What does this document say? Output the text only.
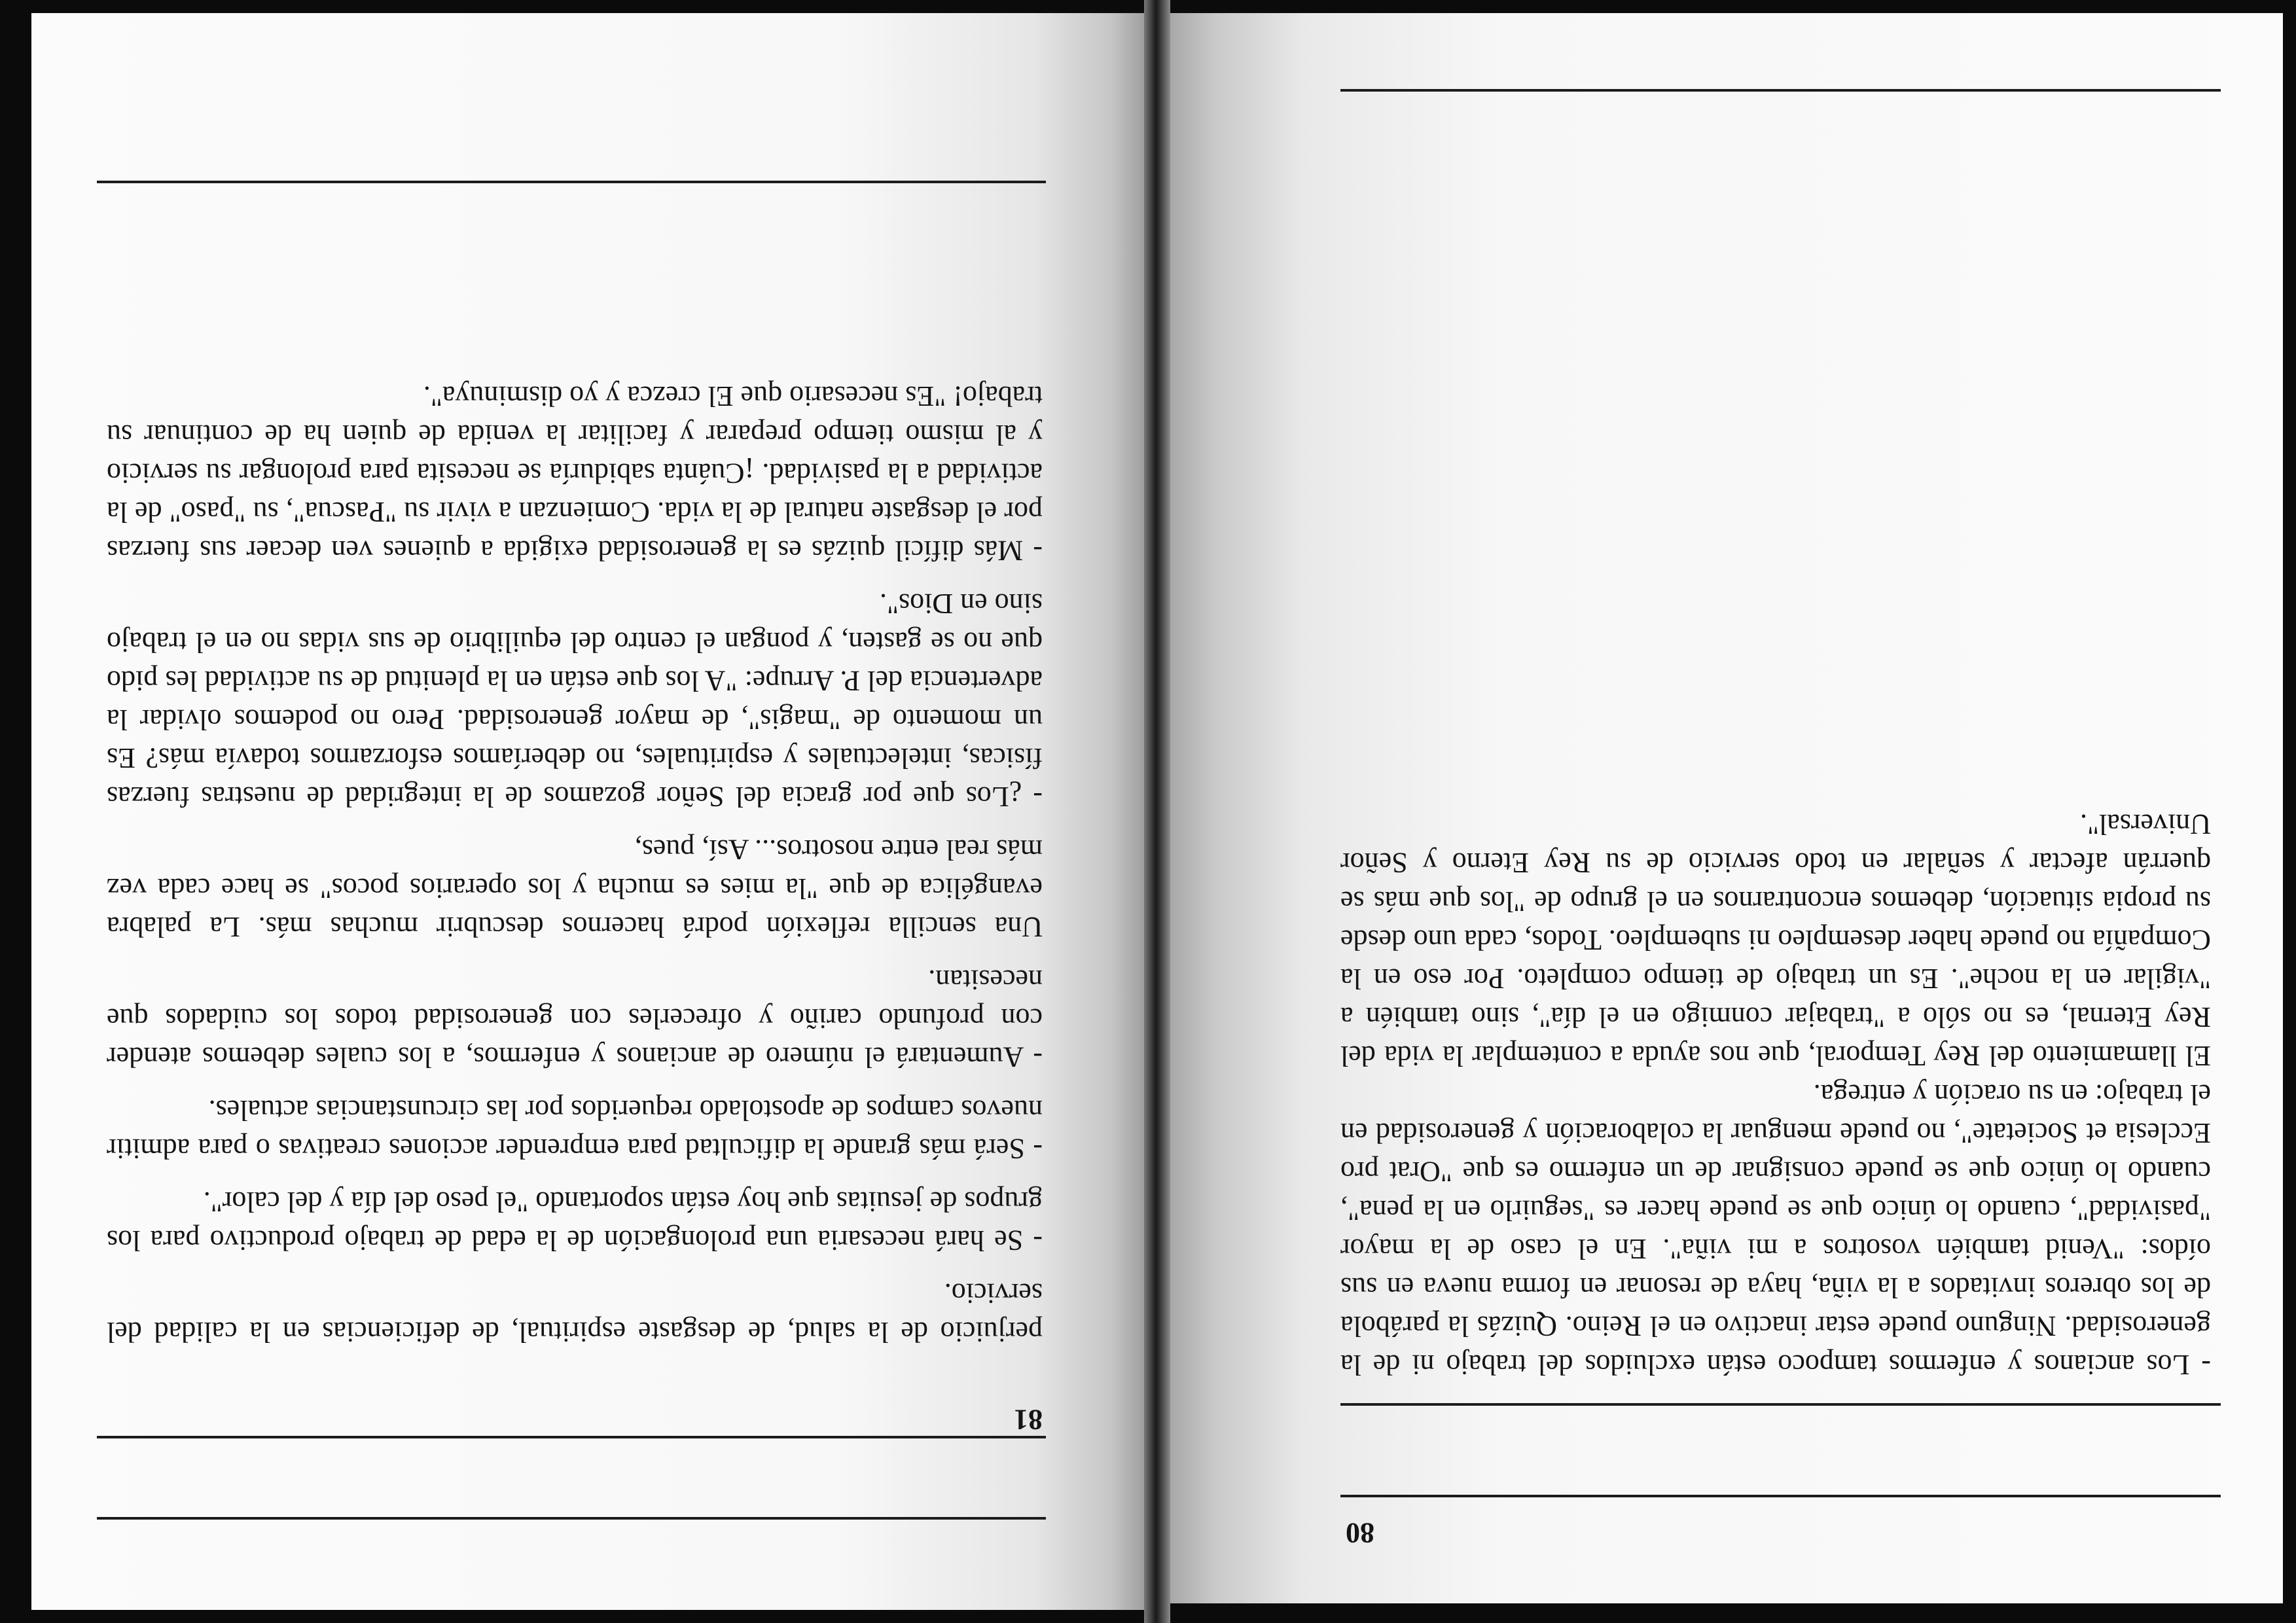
80

- Los ancianos y enfermos tampoco están excluidos del trabajo ni de la generosidad. Ninguno puede estar inactivo en el Reino. Quizás la parábola de los obreros invitados a la viña, haya de resonar en forma nueva en sus oídos: "Venid también vosotros a mi viña". En el caso de la mayor "pasividad", cuando lo único que se puede hacer es "seguirlo en la pena", cuando lo único que se puede consignar de un enfermo es que "Orat pro Ecclesia et Societate", no puede menguar la colaboración y generosidad en el trabajo: en su oración y entrega.

El llamamiento del Rey Temporal, que nos ayuda a contemplar la vida del Rey Eternal, es no sólo a "trabajar conmigo en el día", sino también a "vigilar en la noche". Es un trabajo de tiempo completo. Por eso en la Compañía no puede haber desempleo ni subempleo. Todos, cada uno desde su propia situación, debemos encontrarnos en el grupo de "los que más se querrán afectar y señalar en todo servicio de su Rey Eterno y Señor Universal".

81

perjuicio de la salud, de desgaste espiritual, de deficiencias en la calidad del servicio.

- Se hará necesaria una prolongación de la edad de trabajo productivo para los grupos de jesuitas que hoy están soportando "el peso del día y del calor".

- Será más grande la dificultad para emprender acciones creativas o para admitir nuevos campos de apostolado requeridos por las circunstancias actuales.

- Aumentará el número de ancianos y enfermos, a los cuales debemos atender con profundo cariño y ofrecerles con generosidad todos los cuidados que necesitan.

Una sencilla reflexión podrá hacernos descubrir muchas más. La palabra evangélica de que "la mies es mucha y los operarios pocos" se hace cada vez más real entre nosotros... Así, pues,

- ¿Los que por gracia del Señor gozamos de la integridad de nuestras fuerzas físicas, intelectuales y espirituales, no deberíamos esforzarnos todavía más? Es un momento de "magis", de mayor generosidad. Pero no podemos olvidar la advertencia del P. Arrupe: "A los que están en la plenitud de su actividad les pido que no se gasten, y pongan el centro del equilibrio de sus vidas no en el trabajo sino en Dios".

- Más difícil quizás es la generosidad exigida a quienes ven decaer sus fuerzas por el desgaste natural de la vida. Comienzan a vivir su "Pascua", su "paso" de la actividad a la pasividad. ¡Cuánta sabiduría se necesita para prolongar su servicio y al mismo tiempo preparar y facilitar la venida de quien ha de continuar su trabajo! "Es necesario que El crezca y yo disminuya".
